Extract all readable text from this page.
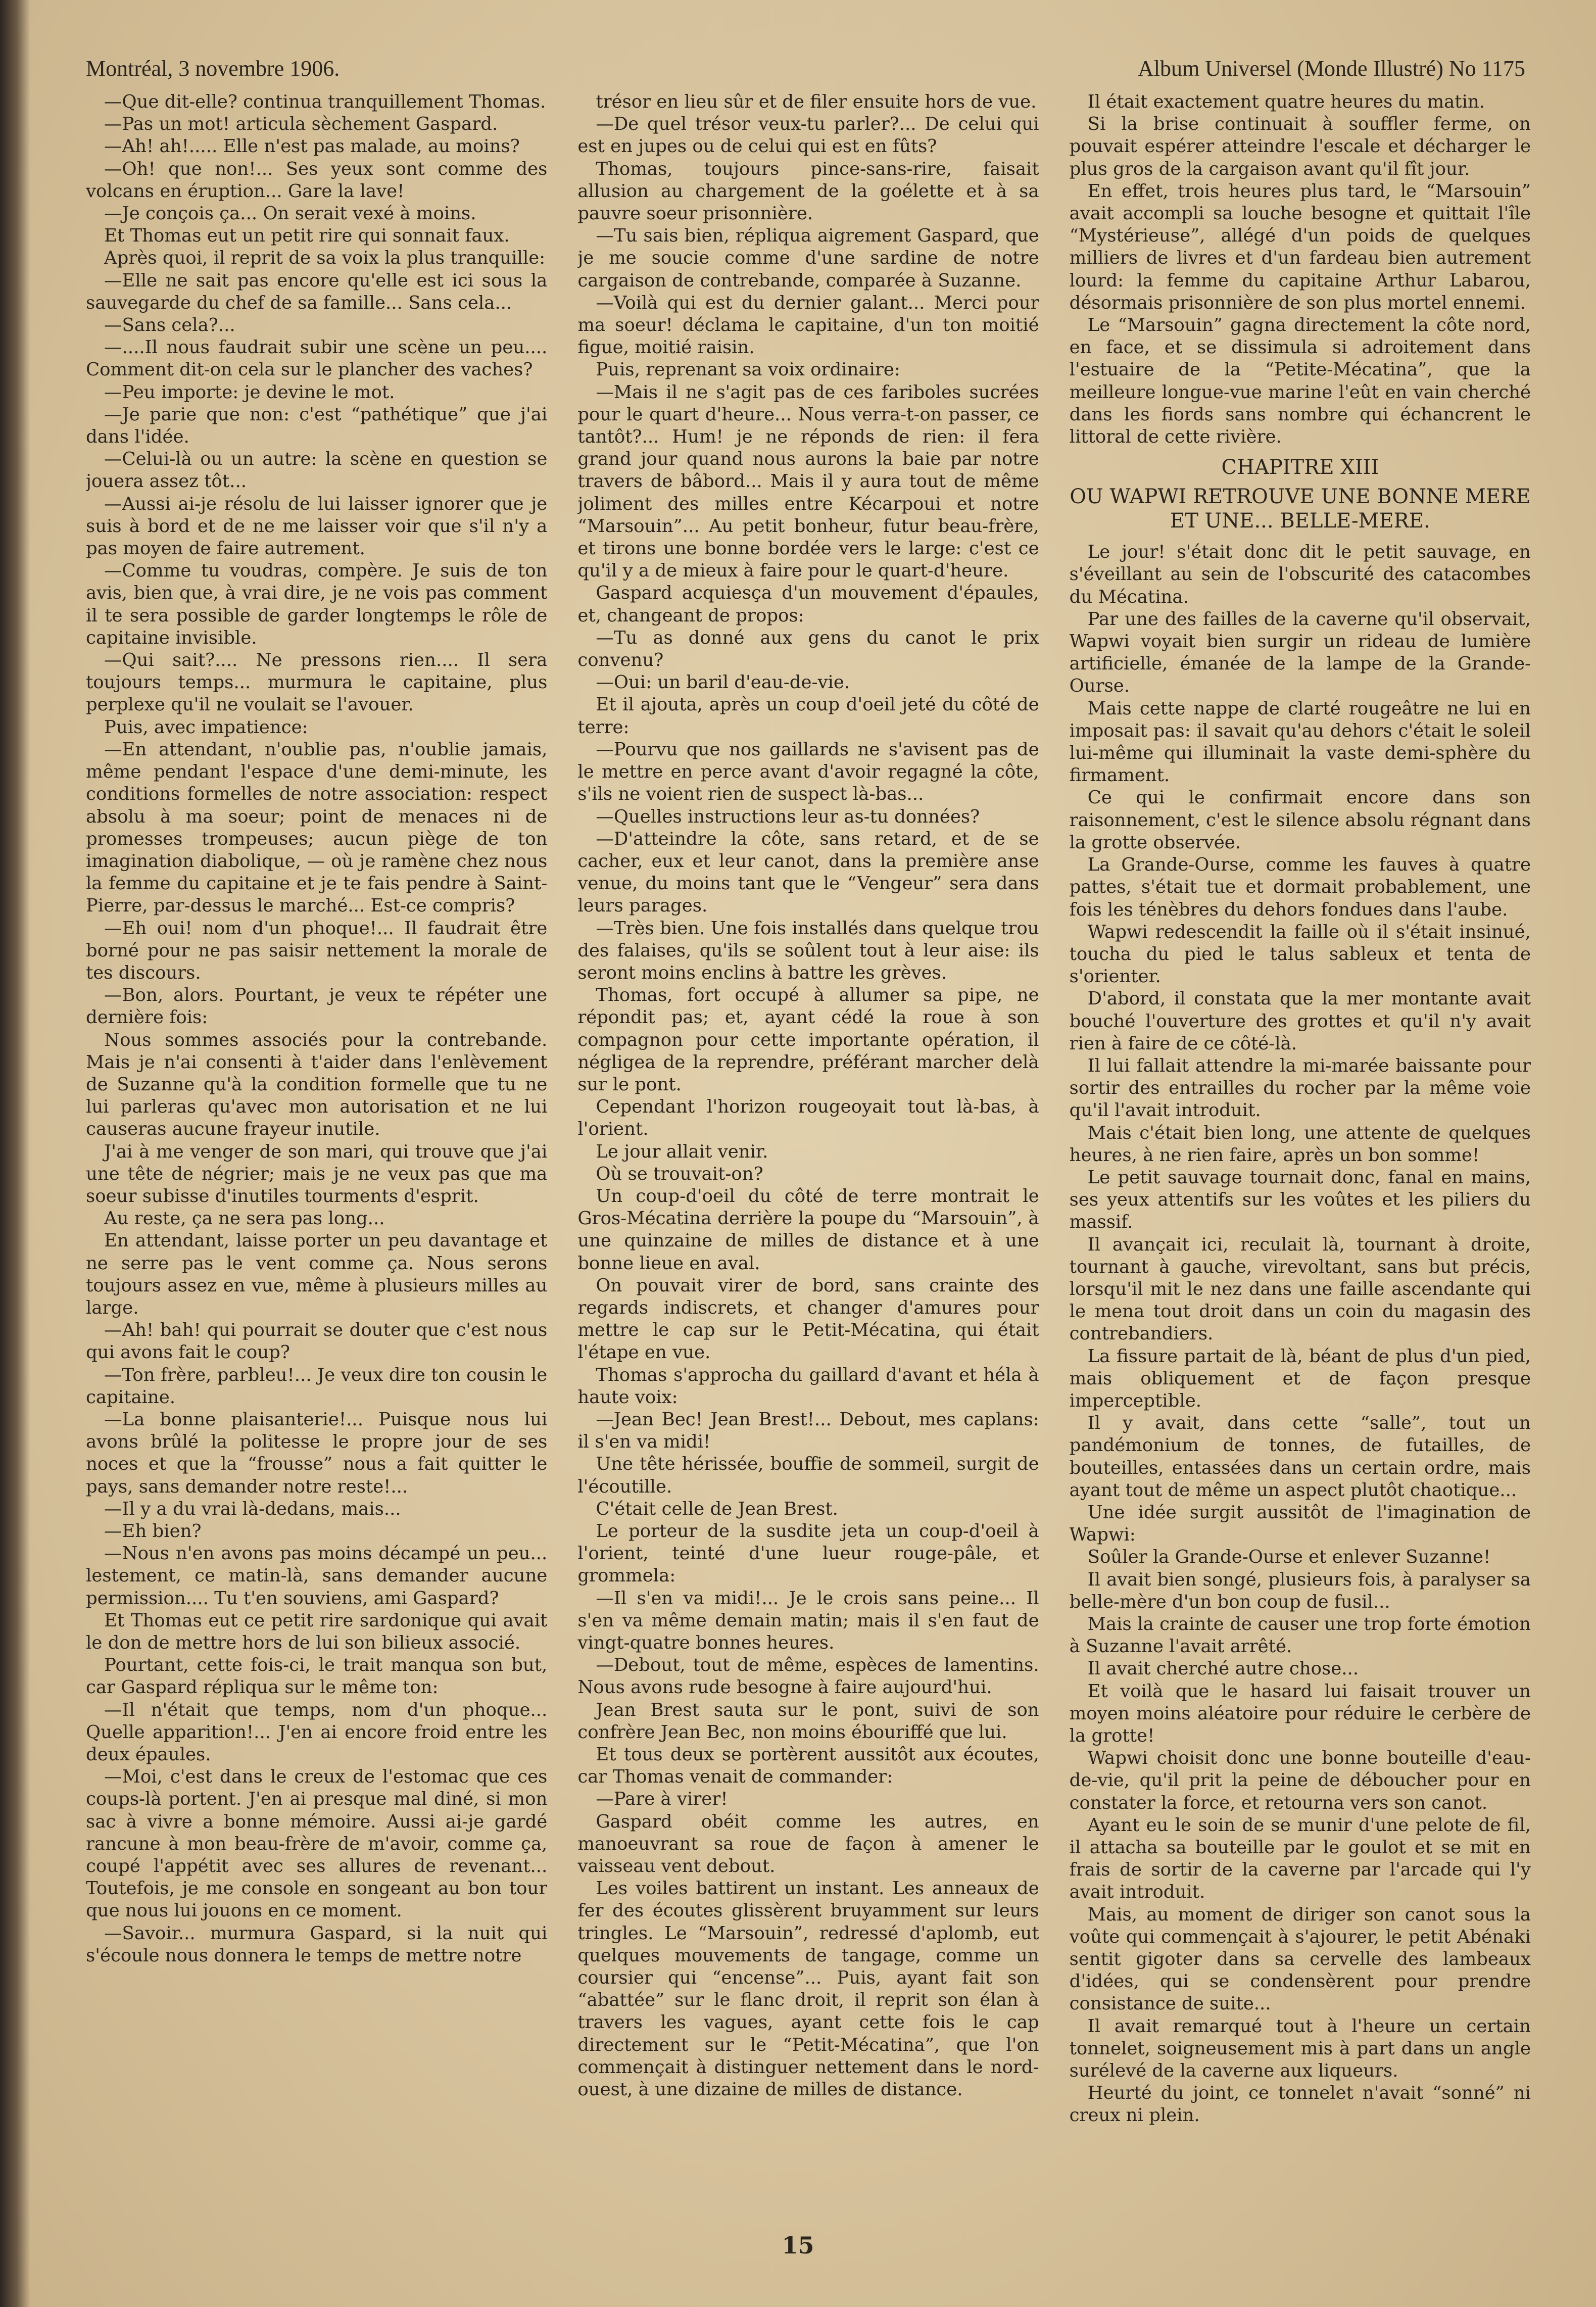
Montréal, 3 novembre 1906.	Album Universel (Monde Illustré) No 1175

—Que dit-elle? continua tranquillement Thomas.

—Pas un mot! articula sèchement Gaspard.

—Ah! ah!..... Elle n'est pas malade, au moins?

—Oh! que non!... Ses yeux sont comme des volcans en éruption... Gare la lave!

—Je conçois ça... On serait vexé à moins.

Et Thomas eut un petit rire qui sonnait faux.

Après quoi, il reprit de sa voix la plus tranquille:

—Elle ne sait pas encore qu'elle est ici sous la sauvegarde du chef de sa famille... Sans cela...

—Sans cela?...

—....Il nous faudrait subir une scène un peu.... Comment dit-on cela sur le plancher des vaches?

—Peu importe: je devine le mot.

—Je parie que non: c'est “pathétique” que j'ai dans l'idée.

—Celui-là ou un autre: la scène en question se jouera assez tôt...

—Aussi ai-je résolu de lui laisser ignorer que je suis à bord et de ne me laisser voir que s'il n'y a pas moyen de faire autrement.

—Comme tu voudras, compère. Je suis de ton avis, bien que, à vrai dire, je ne vois pas comment il te sera possible de garder longtemps le rôle de capitaine invisible.

—Qui sait?.... Ne pressons rien.... Il sera toujours temps... murmura le capitaine, plus perplexe qu'il ne voulait se l'avouer.

Puis, avec impatience:

—En attendant, n'oublie pas, n'oublie jamais, même pendant l'espace d'une demi-minute, les conditions formelles de notre association: respect absolu à ma soeur; point de menaces ni de promesses trompeuses; aucun piège de ton imagination diabolique, — où je ramène chez nous la femme du capitaine et je te fais pendre à Saint-Pierre, par-dessus le marché... Est-ce compris?

—Eh oui! nom d'un phoque!... Il faudrait être borné pour ne pas saisir nettement la morale de tes discours.

—Bon, alors. Pourtant, je veux te répéter une dernière fois:

Nous sommes associés pour la contrebande. Mais je n'ai consenti à t'aider dans l'enlèvement de Suzanne qu'à la condition formelle que tu ne lui parleras qu'avec mon autorisation et ne lui causeras aucune frayeur inutile.

J'ai à me venger de son mari, qui trouve que j'ai une tête de négrier; mais je ne veux pas que ma soeur subisse d'inutiles tourments d'esprit.

Au reste, ça ne sera pas long...

En attendant, laisse porter un peu davantage et ne serre pas le vent comme ça. Nous serons toujours assez en vue, même à plusieurs milles au large.

—Ah! bah! qui pourrait se douter que c'est nous qui avons fait le coup?

—Ton frère, parbleu!... Je veux dire ton cousin le capitaine.

—La bonne plaisanterie!... Puisque nous lui avons brûlé la politesse le propre jour de ses noces et que la “frousse” nous a fait quitter le pays, sans demander notre reste!...

—Il y a du vrai là-dedans, mais...

—Eh bien?

—Nous n'en avons pas moins décampé un peu... lestement, ce matin-là, sans demander aucune permission.... Tu t'en souviens, ami Gaspard?

Et Thomas eut ce petit rire sardonique qui avait le don de mettre hors de lui son bilieux associé.

Pourtant, cette fois-ci, le trait manqua son but, car Gaspard répliqua sur le même ton:

—Il n'était que temps, nom d'un phoque... Quelle apparition!... J'en ai encore froid entre les deux épaules.

—Moi, c'est dans le creux de l'estomac que ces coups-là portent. J'en ai presque mal diné, si mon sac à vivre a bonne mémoire. Aussi ai-je gardé rancune à mon beau-frère de m'avoir, comme ça, coupé l'appétit avec ses allures de revenant... Toutefois, je me console en songeant au bon tour que nous lui jouons en ce moment.

—Savoir... murmura Gaspard, si la nuit qui s'écoule nous donnera le temps de mettre notre

trésor en lieu sûr et de filer ensuite hors de vue.

—De quel trésor veux-tu parler?... De celui qui est en jupes ou de celui qui est en fûts?

Thomas, toujours pince-sans-rire, faisait allusion au chargement de la goélette et à sa pauvre soeur prisonnière.

—Tu sais bien, répliqua aigrement Gaspard, que je me soucie comme d'une sardine de notre cargaison de contrebande, comparée à Suzanne.

—Voilà qui est du dernier galant... Merci pour ma soeur! déclama le capitaine, d'un ton moitié figue, moitié raisin.

Puis, reprenant sa voix ordinaire:

—Mais il ne s'agit pas de ces fariboles sucrées pour le quart d'heure... Nous verra-t-on passer, ce tantôt?... Hum! je ne réponds de rien: il fera grand jour quand nous aurons la baie par notre travers de bâbord... Mais il y aura tout de même joliment des milles entre Kécarpoui et notre “Marsouin”... Au petit bonheur, futur beau-frère, et tirons une bonne bordée vers le large: c'est ce qu'il y a de mieux à faire pour le quart-d'heure.

Gaspard acquiesça d'un mouvement d'épaules, et, changeant de propos:

—Tu as donné aux gens du canot le prix convenu?

—Oui: un baril d'eau-de-vie.

Et il ajouta, après un coup d'oeil jeté du côté de terre:

—Pourvu que nos gaillards ne s'avisent pas de le mettre en perce avant d'avoir regagné la côte, s'ils ne voient rien de suspect là-bas...

—Quelles instructions leur as-tu données?

—D'atteindre la côte, sans retard, et de se cacher, eux et leur canot, dans la première anse venue, du moins tant que le “Vengeur” sera dans leurs parages.

—Très bien. Une fois installés dans quelque trou des falaises, qu'ils se soûlent tout à leur aise: ils seront moins enclins à battre les grèves.

Thomas, fort occupé à allumer sa pipe, ne répondit pas; et, ayant cédé la roue à son compagnon pour cette importante opération, il négligea de la reprendre, préférant marcher delà sur le pont.

Cependant l'horizon rougeoyait tout là-bas, à l'orient.

Le jour allait venir.

Où se trouvait-on?

Un coup-d'oeil du côté de terre montrait le Gros-Mécatina derrière la poupe du “Marsouin”, à une quinzaine de milles de distance et à une bonne lieue en aval.

On pouvait virer de bord, sans crainte des regards indiscrets, et changer d'amures pour mettre le cap sur le Petit-Mécatina, qui était l'étape en vue.

Thomas s'approcha du gaillard d'avant et héla à haute voix:

—Jean Bec! Jean Brest!... Debout, mes caplans: il s'en va midi!

Une tête hérissée, bouffie de sommeil, surgit de l'écoutille.

C'était celle de Jean Brest.

Le porteur de la susdite jeta un coup-d'oeil à l'orient, teinté d'une lueur rouge-pâle, et grommela:

—Il s'en va midi!... Je le crois sans peine... Il s'en va même demain matin; mais il s'en faut de vingt-quatre bonnes heures.

—Debout, tout de même, espèces de lamentins. Nous avons rude besogne à faire aujourd'hui.

Jean Brest sauta sur le pont, suivi de son confrère Jean Bec, non moins ébouriffé que lui.

Et tous deux se portèrent aussitôt aux écoutes, car Thomas venait de commander:

—Pare à virer!

Gaspard obéit comme les autres, en manoeuvrant sa roue de façon à amener le vaisseau vent debout.

Les voiles battirent un instant. Les anneaux de fer des écoutes glissèrent bruyamment sur leurs tringles. Le “Marsouin”, redressé d'aplomb, eut quelques mouvements de tangage, comme un coursier qui “encense”... Puis, ayant fait son “abattée” sur le flanc droit, il reprit son élan à travers les vagues, ayant cette fois le cap directement sur le “Petit-Mécatina”, que l'on commençait à distinguer nettement dans le nord-ouest, à une dizaine de milles de distance.

Il était exactement quatre heures du matin.

Si la brise continuait à souffler ferme, on pouvait espérer atteindre l'escale et décharger le plus gros de la cargaison avant qu'il fît jour.

En effet, trois heures plus tard, le “Marsouin” avait accompli sa louche besogne et quittait l'île “Mystérieuse”, allégé d'un poids de quelques milliers de livres et d'un fardeau bien autrement lourd: la femme du capitaine Arthur Labarou, désormais prisonnière de son plus mortel ennemi.

Le “Marsouin” gagna directement la côte nord, en face, et se dissimula si adroitement dans l'estuaire de la “Petite-Mécatina”, que la meilleure longue-vue marine l'eût en vain cherché dans les fiords sans nombre qui échancrent le littoral de cette rivière.

CHAPITRE XIII
OU WAPWI RETROUVE UNE BONNE MERE ET UNE... BELLE-MERE.

Le jour! s'était donc dit le petit sauvage, en s'éveillant au sein de l'obscurité des catacombes du Mécatina.

Par une des failles de la caverne qu'il observait, Wapwi voyait bien surgir un rideau de lumière artificielle, émanée de la lampe de la Grande-Ourse.

Mais cette nappe de clarté rougeâtre ne lui en imposait pas: il savait qu'au dehors c'était le soleil lui-même qui illuminait la vaste demi-sphère du firmament.

Ce qui le confirmait encore dans son raisonnement, c'est le silence absolu régnant dans la grotte observée.

La Grande-Ourse, comme les fauves à quatre pattes, s'était tue et dormait probablement, une fois les ténèbres du dehors fondues dans l'aube.

Wapwi redescendit la faille où il s'était insinué, toucha du pied le talus sableux et tenta de s'orienter.

D'abord, il constata que la mer montante avait bouché l'ouverture des grottes et qu'il n'y avait rien à faire de ce côté-là.

Il lui fallait attendre la mi-marée baissante pour sortir des entrailles du rocher par la même voie qu'il l'avait introduit.

Mais c'était bien long, une attente de quelques heures, à ne rien faire, après un bon somme!

Le petit sauvage tournait donc, fanal en mains, ses yeux attentifs sur les voûtes et les piliers du massif.

Il avançait ici, reculait là, tournant à droite, tournant à gauche, virevoltant, sans but précis, lorsqu'il mit le nez dans une faille ascendante qui le mena tout droit dans un coin du magasin des contrebandiers.

La fissure partait de là, béant de plus d'un pied, mais obliquement et de façon presque imperceptible.

Il y avait, dans cette “salle”, tout un pandémonium de tonnes, de futailles, de bouteilles, entassées dans un certain ordre, mais ayant tout de même un aspect plutôt chaotique...

Une idée surgit aussitôt de l'imagination de Wapwi:

Soûler la Grande-Ourse et enlever Suzanne!

Il avait bien songé, plusieurs fois, à paralyser sa belle-mère d'un bon coup de fusil...

Mais la crainte de causer une trop forte émotion à Suzanne l'avait arrêté.

Il avait cherché autre chose...

Et voilà que le hasard lui faisait trouver un moyen moins aléatoire pour réduire le cerbère de la grotte!

Wapwi choisit donc une bonne bouteille d'eau-de-vie, qu'il prit la peine de déboucher pour en constater la force, et retourna vers son canot.

Ayant eu le soin de se munir d'une pelote de fil, il attacha sa bouteille par le goulot et se mit en frais de sortir de la caverne par l'arcade qui l'y avait introduit.

Mais, au moment de diriger son canot sous la voûte qui commençait à s'ajourer, le petit Abénaki sentit gigoter dans sa cervelle des lambeaux d'idées, qui se condensèrent pour prendre consistance de suite...

Il avait remarqué tout à l'heure un certain tonnelet, soigneusement mis à part dans un angle surélevé de la caverne aux liqueurs.

Heurté du joint, ce tonnelet n'avait “sonné” ni creux ni plein.

15
